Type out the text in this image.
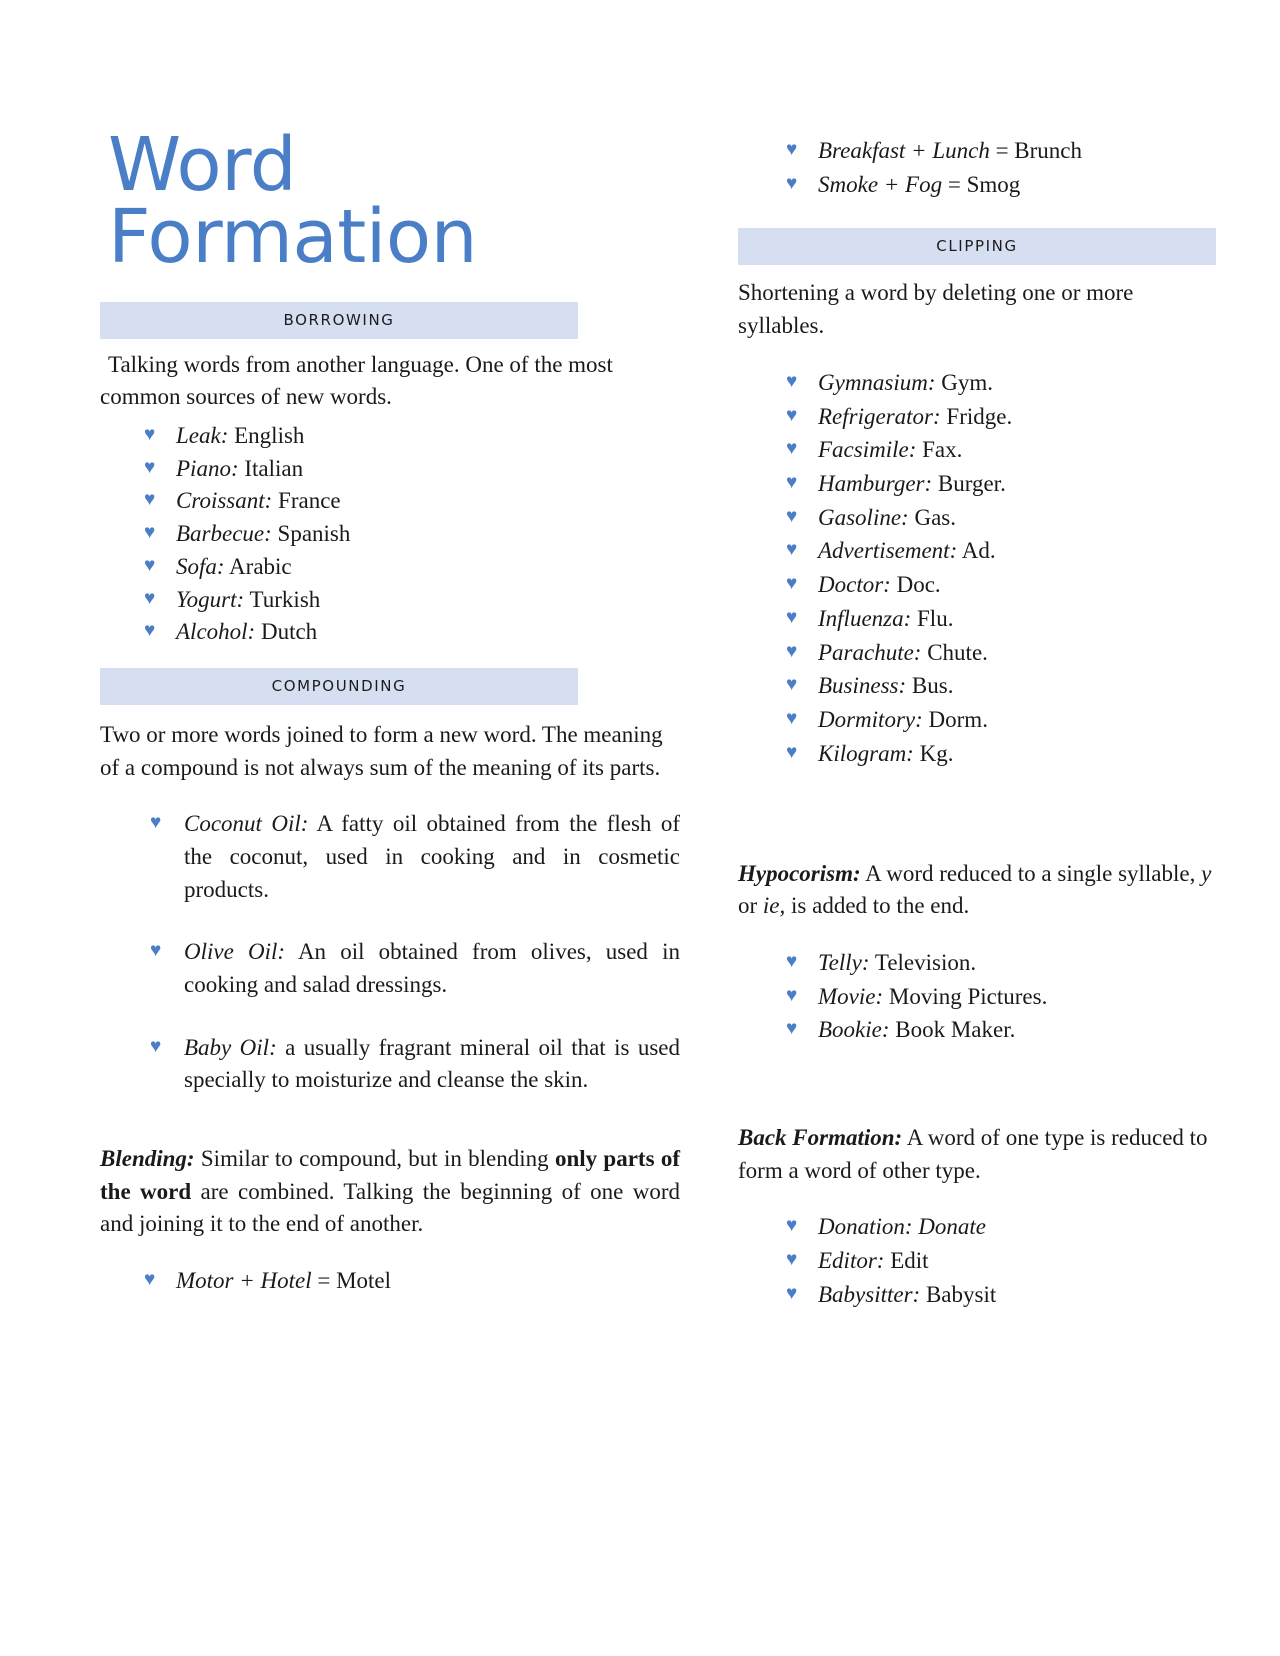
Word Formation
BORROWING

Talking words from another language. One of the most common sources of new words.

♥ Leak: English
♥ Piano: Italian
♥ Croissant: France
♥ Barbecue: Spanish
♥ Sofa: Arabic
♥ Yogurt: Turkish
♥ Alcohol: Dutch
COMPOUNDING

Two or more words joined to form a new word. The meaning of a compound is not always sum of the meaning of its parts.

♥ Coconut Oil: A fatty oil obtained from the flesh of the coconut, used in cooking and in cosmetic products.
♥ Olive Oil: An oil obtained from olives, used in cooking and salad dressings.
♥ Baby Oil: a usually fragrant mineral oil that is used specially to moisturize and cleanse the skin.

Blending: Similar to compound, but in blending only parts of the word are combined. Talking the beginning of one word and joining it to the end of another.

♥ Motor + Hotel = Motel
♥ Breakfast + Lunch = Brunch
♥ Smoke + Fog = Smog
CLIPPING

Shortening a word by deleting one or more syllables.

♥ Gymnasium: Gym.
♥ Refrigerator: Fridge.
♥ Facsimile: Fax.
♥ Hamburger: Burger.
♥ Gasoline: Gas.
♥ Advertisement: Ad.
♥ Doctor: Doc.
♥ Influenza: Flu.
♥ Parachute: Chute.
♥ Business: Bus.
♥ Dormitory: Dorm.
♥ Kilogram: Kg.

Hypocorism: A word reduced to a single syllable, y or ie, is added to the end.

♥ Telly: Television.
♥ Movie: Moving Pictures.
♥ Bookie: Book Maker.

Back Formation: A word of one type is reduced to form a word of other type.

♥ Donation: Donate
♥ Editor: Edit
♥ Babysitter: Babysit
